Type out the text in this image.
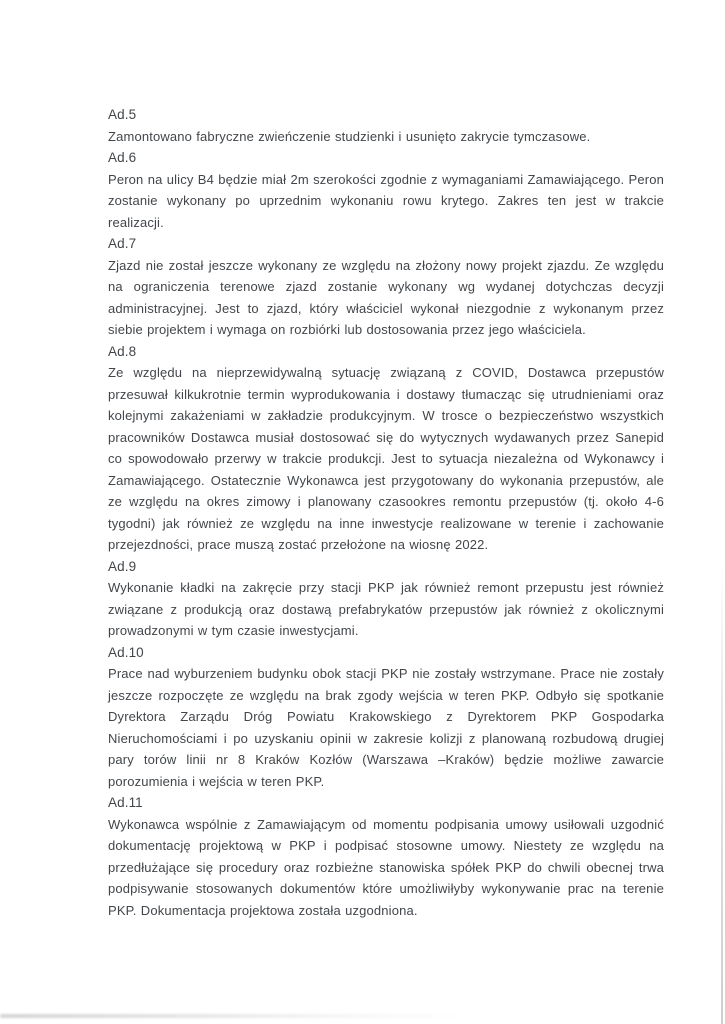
Ad.5

Zamontowano fabryczne zwieńczenie studzienki i usunięto zakrycie tymczasowe.

Ad.6

Peron na ulicy B4 będzie miał 2m szerokości zgodnie z wymaganiami Zamawiającego. Peron zostanie wykonany po uprzednim wykonaniu rowu krytego. Zakres ten jest w trakcie realizacji.

Ad.7

Zjazd nie został jeszcze wykonany ze względu na złożony nowy projekt zjazdu. Ze względu na ograniczenia terenowe zjazd zostanie wykonany wg wydanej dotychczas decyzji administracyjnej. Jest to zjazd, który właściciel wykonał niezgodnie z wykonanym przez siebie projektem i wymaga on rozbiórki lub dostosowania przez jego właściciela.

Ad.8

Ze względu na nieprzewidywalną sytuację związaną z COVID, Dostawca przepustów przesuwał kilkukrotnie termin wyprodukowania i dostawy tłumacząc się utrudnieniami oraz kolejnymi zakażeniami w zakładzie produkcyjnym. W trosce o bezpieczeństwo wszystkich pracowników Dostawca musiał dostosować się do wytycznych wydawanych przez Sanepid co spowodowało przerwy w trakcie produkcji. Jest to sytuacja niezależna od Wykonawcy i Zamawiającego. Ostatecznie Wykonawca jest przygotowany do wykonania przepustów, ale ze względu na okres zimowy i planowany czasookres remontu przepustów (tj. około 4-6 tygodni) jak również ze względu na inne inwestycje realizowane w terenie i zachowanie przejezdności, prace muszą zostać przełożone na wiosnę 2022.

Ad.9

Wykonanie kładki na zakręcie przy stacji PKP jak również remont przepustu jest również związane z produkcją oraz dostawą prefabrykatów przepustów jak również z okolicznymi prowadzonymi w tym czasie inwestycjami.

Ad.10

Prace nad wyburzeniem budynku obok stacji PKP nie zostały wstrzymane. Prace nie zostały jeszcze rozpoczęte ze względu na brak zgody wejścia w teren PKP. Odbyło się spotkanie Dyrektora Zarządu Dróg Powiatu Krakowskiego z Dyrektorem PKP Gospodarka Nieruchomościami i po uzyskaniu opinii w zakresie kolizji z planowaną rozbudową drugiej pary torów linii nr 8 Kraków Kozłów (Warszawa –Kraków) będzie możliwe zawarcie porozumienia i wejścia w teren PKP.

Ad.11

Wykonawca wspólnie z Zamawiającym od momentu podpisania umowy usiłowali uzgodnić dokumentację projektową w PKP i podpisać stosowne umowy. Niestety ze względu na przedłużające się procedury oraz rozbieżne stanowiska spółek PKP do chwili obecnej trwa podpisywanie stosowanych dokumentów które umożliwiłyby wykonywanie prac na terenie PKP. Dokumentacja projektowa została uzgodniona.
